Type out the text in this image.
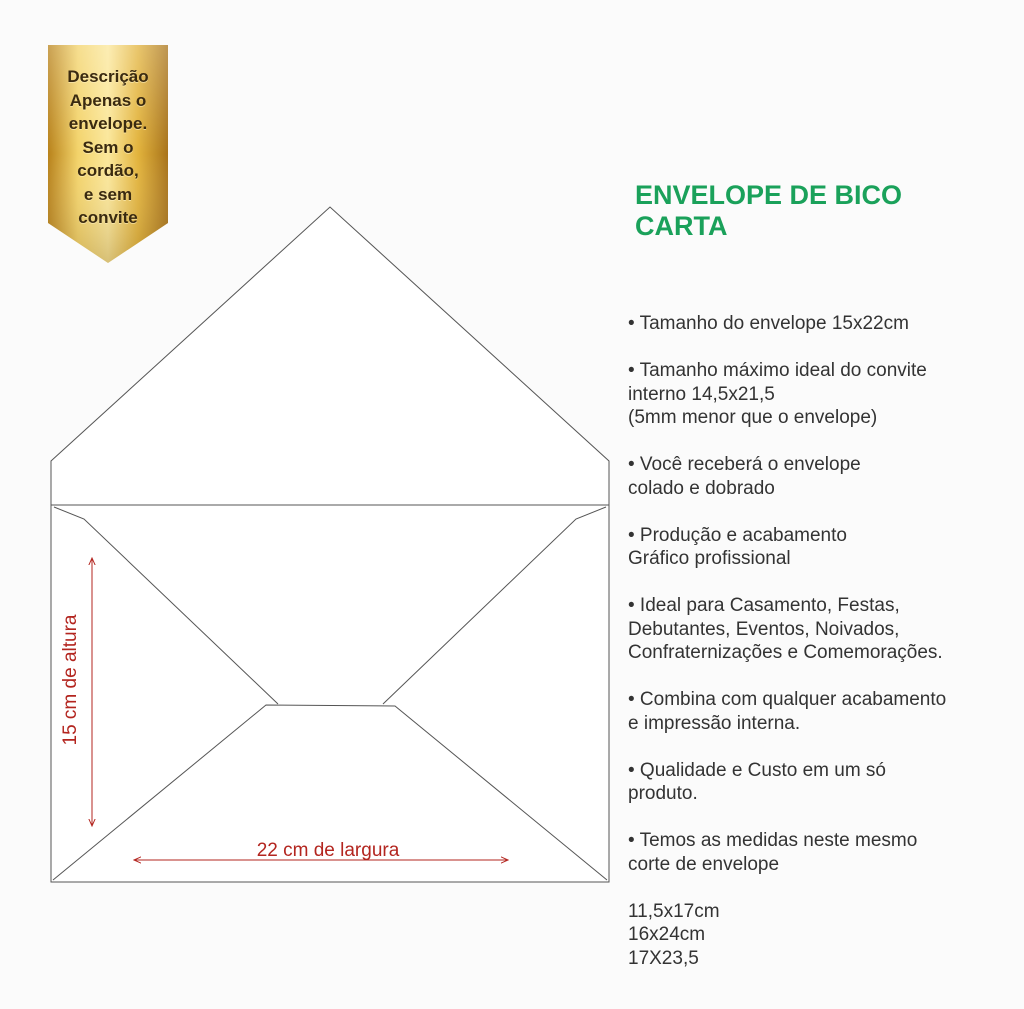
Descrição
Apenas o
envelope.
Sem o
cordão,
e sem
convite
15 cm de altura
22 cm de largura
ENVELOPE DE BICO
CARTA

• Tamanho do envelope 15x22cm

• Tamanho máximo ideal do convite
interno 14,5x21,5
(5mm menor que o envelope)

• Você receberá o envelope
colado e dobrado

• Produção e acabamento
Gráfico profissional

• Ideal para Casamento, Festas,
Debutantes, Eventos, Noivados,
Confraternizações e Comemorações.

• Combina com qualquer acabamento
e impressão interna.

• Qualidade e Custo em um só
produto.

• Temos as medidas neste mesmo
corte de envelope

11,5x17cm
16x24cm
17X23,5
